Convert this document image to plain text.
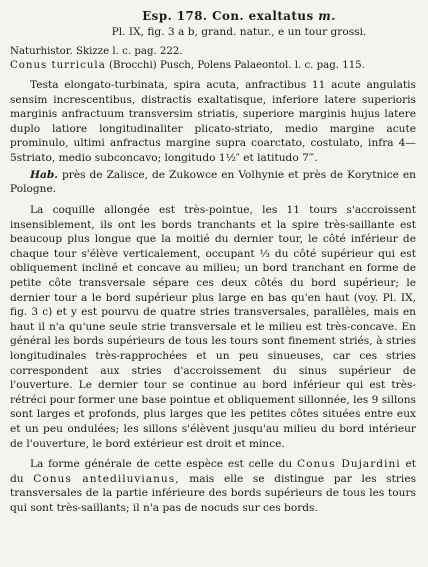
Esp. 178. Con. exaltatus m.
Pl. IX, fig. 3 a b, grand. natur., e un tour grossi.

Naturhistor. Skizze l. c. pag. 222.

Conus turricula (Brocchi) Pusch, Polens Palaeontol. l. c. pag. 115.

Testa elongato-turbinata, spira acuta, anfractibus 11 acute angulatis sensim increscentibus, distractis exaltatisque, inferiore latere superioris marginis anfractuum transversim striatis, superiore marginis hujus latere duplo latiore longitudinaliter plicato-striato, medio margine acute prominulo, ultimi anfractus margine supra coarctato, costulato, infra 4—5striato, medio subconcavo; longitudo 1½″ et latitudo 7‴.

Hab. près de Zalisce, de Zukowce en Volhynie et près de Korytnice en Pologne.

La coquille allongée est très-pointue, les 11 tours s'accroissent insensiblement, ils ont les bords tranchants et la spire très-saillante est beaucoup plus longue que la moitié du dernier tour, le côté inférieur de chaque tour s'élève verticalement, occupant ⅓ du côté supérieur qui est obliquement incliné et concave au milieu; un bord tranchant en forme de petite côte transversale sépare ces deux côtés du bord supérieur; le dernier tour a le bord supérieur plus large en bas qu'en haut (voy. Pl. IX, fig. 3 c) et y est pourvu de quatre stries transversales, parallèles, mais en haut il n'a qu'une seule strie transversale et le milieu est très-concave. En général les bords supérieurs de tous les tours sont finement striés, à stries longitudinales très-rapprochées et un peu sinueuses, car ces stries correspondent aux stries d'accroissement du sinus supérieur de l'ouverture. Le dernier tour se continue au bord inférieur qui est très-rétréci pour former une base pointue et obliquement sillonnée, les 9 sillons sont larges et profonds, plus larges que les petites côtes situées entre eux et un peu ondulées; les sillons s'élèvent jusqu'au milieu du bord intérieur de l'ouverture, le bord extérieur est droit et mince.

La forme générale de cette espèce est celle du Conus Dujardini et du Conus antediluvianus, mais elle se distingue par les stries transversales de la partie inférieure des bords supérieurs de tous les tours qui sont très-saillants; il n'a pas de nocuds sur ces bords.
